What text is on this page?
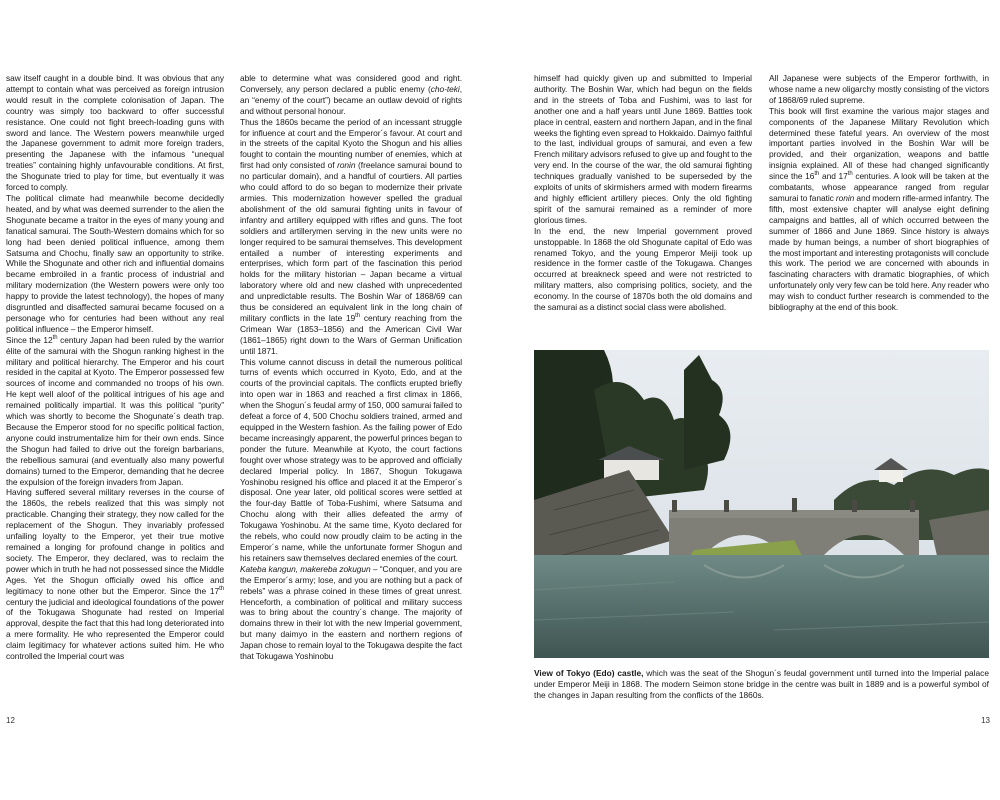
saw itself caught in a double bind. It was obvious that any attempt to contain what was perceived as foreign intrusion would result in the complete colonisation of Japan. The country was simply too backward to offer successful resistance. One could not fight breech-loading guns with sword and lance. The Western powers meanwhile urged the Japanese government to admit more foreign traders, presenting the Japanese with the infamous “unequal treaties” containing highly unfavourable conditions. At first, the Shogunate tried to play for time, but eventually it was forced to comply.

The political climate had meanwhile become decidedly heated, and by what was deemed surrender to the alien the Shogunate became a traitor in the eyes of many young and fanatical samurai. The South-Western domains which for so long had been denied political influence, among them Satsuma and Chochu, finally saw an opportunity to strike. While the Shogunate and other rich and influential domains became embroiled in a frantic process of industrial and military modernization (the Western powers were only too happy to provide the latest technology), the hopes of many disgruntled and disaffected samurai became focused on a personage who for centuries had been without any real political influence – the Emperor himself.

Since the 12th century Japan had been ruled by the warrior élite of the samurai with the Shogun ranking highest in the military and political hierarchy. The Emperor and his court resided in the capital at Kyoto. The Emperor possessed few sources of income and commanded no troops of his own. He kept well aloof of the political intrigues of his age and remained politically impartial. It was this political “purity” which was shortly to become the Shogunate´s death trap. Because the Emperor stood for no specific political faction, anyone could instrumentalize him for their own ends. Since the Shogun had failed to drive out the foreign barbarians, the rebellious samurai (and eventually also many powerful domains) turned to the Emperor, demanding that he decree the expulsion of the foreign invaders from Japan.

Having suffered several military reverses in the course of the 1860s, the rebels realized that this was simply not practicable. Changing their strategy, they now called for the replacement of the Shogun. They invariably professed unfailing loyalty to the Emperor, yet their true motive remained a longing for profound change in politics and society. The Emperor, they declared, was to reclaim the power which in truth he had not possessed since the Middle Ages. Yet the Shogun officially owed his office and legitimacy to none other but the Emperor. Since the 17th century the judicial and ideological foundations of the power of the Tokugawa Shogunate had rested on Imperial approval, despite the fact that this had long deteriorated into a mere formality. He who represented the Emperor could claim legitimacy for whatever actions suited him. He who controlled the Imperial court was

able to determine what was considered good and right. Conversely, any person declared a public enemy (cho-teki, an “enemy of the court”) became an outlaw devoid of rights and without personal honour.

Thus the 1860s became the period of an incessant struggle for influence at court and the Emperor´s favour. At court and in the streets of the capital Kyoto the Shogun and his allies fought to contain the mounting number of enemies, which at first had only consisted of ronin (freelance samurai bound to no particular domain), and a handful of courtiers. All parties who could afford to do so began to modernize their private armies. This modernization however spelled the gradual abolishment of the old samurai fighting units in favour of infantry and artillery equipped with rifles and guns. The foot soldiers and artillerymen serving in the new units were no longer required to be samurai themselves. This development entailed a number of interesting experiments and enterprises, which form part of the fascination this period holds for the military historian – Japan became a virtual laboratory where old and new clashed with unprecedented and unpredictable results. The Boshin War of 1868/69 can thus be considered an equivalent link in the long chain of military conflicts in the late 19th century reaching from the Crimean War (1853–1856) and the American Civil War (1861–1865) right down to the Wars of German Unification until 1871.

This volume cannot discuss in detail the numerous political turns of events which occurred in Kyoto, Edo, and at the courts of the provincial capitals. The conflicts erupted briefly into open war in 1863 and reached a first climax in 1866, when the Shogun´s feudal army of 150, 000 samurai failed to defeat a force of 4, 500 Chochu soldiers trained, armed and equipped in the Western fashion. As the failing power of Edo became increasingly apparent, the powerful princes began to ponder the future. Meanwhile at Kyoto, the court factions fought over whose strategy was to be approved and officially declared Imperial policy. In 1867, Shogun Tokugawa Yoshinobu resigned his office and placed it at the Emperor´s disposal. One year later, old political scores were settled at the four-day Battle of Toba-Fushimi, where Satsuma and Chochu along with their allies defeated the army of Tokugawa Yoshinobu. At the same time, Kyoto declared for the rebels, who could now proudly claim to be acting in the Emperor´s name, while the unfortunate former Shogun and his retainers saw themselves declared enemies of the court.

Kateba kangun, makereba zokugun – “Conquer, and you are the Emperor´s army; lose, and you are nothing but a pack of rebels” was a phrase coined in these times of great unrest. Henceforth, a combination of political and military success was to bring about the country´s change. The majority of domains threw in their lot with the new Imperial government, but many daimyo in the eastern and northern regions of Japan chose to remain loyal to the Tokugawa despite the fact that Tokugawa Yoshinobu

12

himself had quickly given up and submitted to Imperial authority. The Boshin War, which had begun on the fields and in the streets of Toba and Fushimi, was to last for another one and a half years until June 1869. Battles took place in central, eastern and northern Japan, and in the final weeks the fighting even spread to Hokkaido. Daimyo faithful to the last, individual groups of samurai, and even a few French military advisors refused to give up and fought to the very end. In the course of the war, the old samurai fighting techniques gradually vanished to be superseded by the exploits of units of skirmishers armed with modern firearms and highly efficient artillery pieces. Only the old fighting spirit of the samurai remained as a reminder of more glorious times.

In the end, the new Imperial government proved unstoppable. In 1868 the old Shogunate capital of Edo was renamed Tokyo, and the young Emperor Meiji took up residence in the former castle of the Tokugawa. Changes occurred at breakneck speed and were not restricted to military matters, also comprising politics, society, and the economy. In the course of 1870s both the old domains and the samurai as a distinct social class were abolished.

All Japanese were subjects of the Emperor forthwith, in whose name a new oligarchy mostly consisting of the victors of 1868/69 ruled supreme.

This book will first examine the various major stages and components of the Japanese Military Revolution which determined these fateful years. An overview of the most important parties involved in the Boshin War will be provided, and their organization, weapons and battle insignia explained. All of these had changed significantly since the 16th and 17th centuries. A look will be taken at the combatants, whose appearance ranged from regular samurai to fanatic ronin and modern rifle-armed infantry. The fifth, most extensive chapter will analyse eight defining campaigns and battles, all of which occurred between the summer of 1866 and June 1869. Since history is always made by human beings, a number of short biographies of the most important and interesting protagonists will conclude this work. The period we are concerned with abounds in fascinating characters with dramatic biographies, of which unfortunately only very few can be told here. Any reader who may wish to conduct further research is commended to the bibliography at the end of this book.

View of Tokyo (Edo) castle, which was the seat of the Shogun´s feudal government until turned into the Imperial palace under Emperor Meiji in 1868. The modern Seimon stone bridge in the centre was built in 1889 and is a powerful symbol of the changes in Japan resulting from the conflicts of the 1860s.
13
